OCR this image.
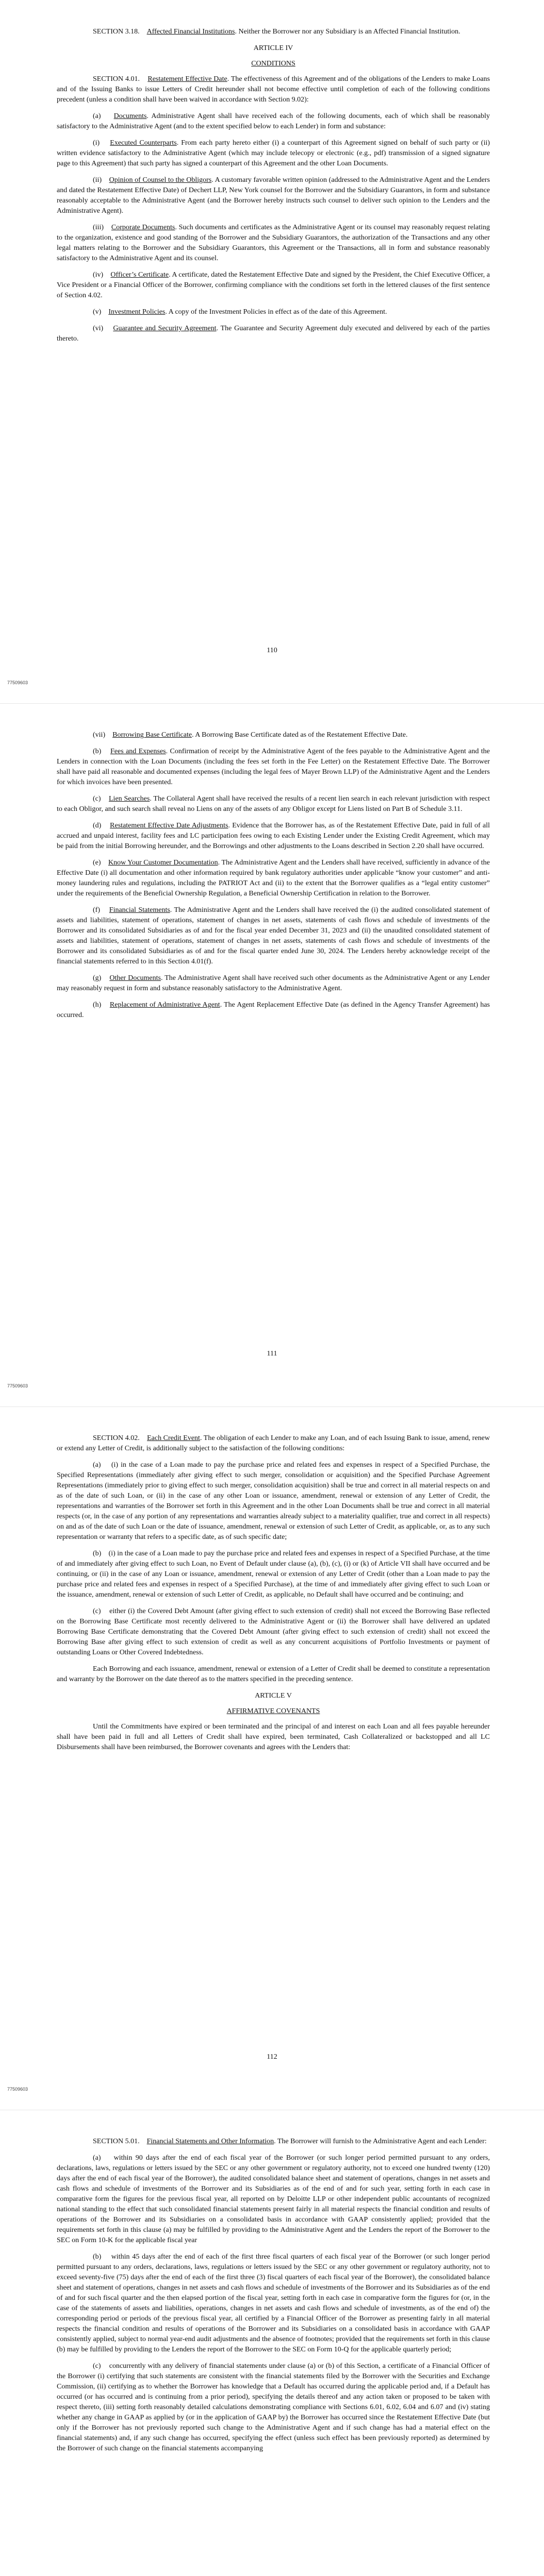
SECTION 3.18. Affected Financial Institutions. Neither the Borrower nor any Subsidiary is an Affected Financial Institution.

ARTICLE IV

CONDITIONS

SECTION 4.01. Restatement Effective Date. The effectiveness of this Agreement and of the obligations of the Lenders to make Loans and of the Issuing Banks to issue Letters of Credit hereunder shall not become effective until completion of each of the following conditions precedent (unless a condition shall have been waived in accordance with Section 9.02):

(a) Documents. Administrative Agent shall have received each of the following documents, each of which shall be reasonably satisfactory to the Administrative Agent (and to the extent specified below to each Lender) in form and substance:

(i) Executed Counterparts. From each party hereto either (i) a counterpart of this Agreement signed on behalf of such party or (ii) written evidence satisfactory to the Administrative Agent (which may include telecopy or electronic (e.g., pdf) transmission of a signed signature page to this Agreement) that such party has signed a counterpart of this Agreement and the other Loan Documents.

(ii) Opinion of Counsel to the Obligors. A customary favorable written opinion (addressed to the Administrative Agent and the Lenders and dated the Restatement Effective Date) of Dechert LLP, New York counsel for the Borrower and the Subsidiary Guarantors, in form and substance reasonably acceptable to the Administrative Agent (and the Borrower hereby instructs such counsel to deliver such opinion to the Lenders and the Administrative Agent).

(iii) Corporate Documents. Such documents and certificates as the Administrative Agent or its counsel may reasonably request relating to the organization, existence and good standing of the Borrower and the Subsidiary Guarantors, the authorization of the Transactions and any other legal matters relating to the Borrower and the Subsidiary Guarantors, this Agreement or the Transactions, all in form and substance reasonably satisfactory to the Administrative Agent and its counsel.

(iv) Officer’s Certificate. A certificate, dated the Restatement Effective Date and signed by the President, the Chief Executive Officer, a Vice President or a Financial Officer of the Borrower, confirming compliance with the conditions set forth in the lettered clauses of the first sentence of Section 4.02.

(v) Investment Policies. A copy of the Investment Policies in effect as of the date of this Agreement.

(vi) Guarantee and Security Agreement. The Guarantee and Security Agreement duly executed and delivered by each of the parties thereto.

110
77509603

(vii) Borrowing Base Certificate. A Borrowing Base Certificate dated as of the Restatement Effective Date.

(b) Fees and Expenses. Confirmation of receipt by the Administrative Agent of the fees payable to the Administrative Agent and the Lenders in connection with the Loan Documents (including the fees set forth in the Fee Letter) on the Restatement Effective Date. The Borrower shall have paid all reasonable and documented expenses (including the legal fees of Mayer Brown LLP) of the Administrative Agent and the Lenders for which invoices have been presented.

(c) Lien Searches. The Collateral Agent shall have received the results of a recent lien search in each relevant jurisdiction with respect to each Obligor, and such search shall reveal no Liens on any of the assets of any Obligor except for Liens listed on Part B of Schedule 3.11.

(d) Restatement Effective Date Adjustments. Evidence that the Borrower has, as of the Restatement Effective Date, paid in full of all accrued and unpaid interest, facility fees and LC participation fees owing to each Existing Lender under the Existing Credit Agreement, which may be paid from the initial Borrowing hereunder, and the Borrowings and other adjustments to the Loans described in Section 2.20 shall have occurred.

(e) Know Your Customer Documentation. The Administrative Agent and the Lenders shall have received, sufficiently in advance of the Effective Date (i) all documentation and other information required by bank regulatory authorities under applicable “know your customer” and anti-money laundering rules and regulations, including the PATRIOT Act and (ii) to the extent that the Borrower qualifies as a “legal entity customer” under the requirements of the Beneficial Ownership Regulation, a Beneficial Ownership Certification in relation to the Borrower.

(f) Financial Statements. The Administrative Agent and the Lenders shall have received the (i) the audited consolidated statement of assets and liabilities, statement of operations, statement of changes in net assets, statements of cash flows and schedule of investments of the Borrower and its consolidated Subsidiaries as of and for the fiscal year ended December 31, 2023 and (ii) the unaudited consolidated statement of assets and liabilities, statement of operations, statement of changes in net assets, statements of cash flows and schedule of investments of the Borrower and its consolidated Subsidiaries as of and for the fiscal quarter ended June 30, 2024. The Lenders hereby acknowledge receipt of the financial statements referred to in this Section 4.01(f).

(g) Other Documents. The Administrative Agent shall have received such other documents as the Administrative Agent or any Lender may reasonably request in form and substance reasonably satisfactory to the Administrative Agent.

(h) Replacement of Administrative Agent. The Agent Replacement Effective Date (as defined in the Agency Transfer Agreement) has occurred.

111
77509603

SECTION 4.02. Each Credit Event. The obligation of each Lender to make any Loan, and of each Issuing Bank to issue, amend, renew or extend any Letter of Credit, is additionally subject to the satisfaction of the following conditions:

(a) (i) in the case of a Loan made to pay the purchase price and related fees and expenses in respect of a Specified Purchase, the Specified Representations (immediately after giving effect to such merger, consolidation or acquisition) and the Specified Purchase Agreement Representations (immediately prior to giving effect to such merger, consolidation acquisition) shall be true and correct in all material respects on and as of the date of such Loan, or (ii) in the case of any other Loan or issuance, amendment, renewal or extension of any Letter of Credit, the representations and warranties of the Borrower set forth in this Agreement and in the other Loan Documents shall be true and correct in all material respects (or, in the case of any portion of any representations and warranties already subject to a materiality qualifier, true and correct in all respects) on and as of the date of such Loan or the date of issuance, amendment, renewal or extension of such Letter of Credit, as applicable, or, as to any such representation or warranty that refers to a specific date, as of such specific date;

(b) (i) in the case of a Loan made to pay the purchase price and related fees and expenses in respect of a Specified Purchase, at the time of and immediately after giving effect to such Loan, no Event of Default under clause (a), (b), (c), (i) or (k) of Article VII shall have occurred and be continuing, or (ii) in the case of any Loan or issuance, amendment, renewal or extension of any Letter of Credit (other than a Loan made to pay the purchase price and related fees and expenses in respect of a Specified Purchase), at the time of and immediately after giving effect to such Loan or the issuance, amendment, renewal or extension of such Letter of Credit, as applicable, no Default shall have occurred and be continuing; and

(c) either (i) the Covered Debt Amount (after giving effect to such extension of credit) shall not exceed the Borrowing Base reflected on the Borrowing Base Certificate most recently delivered to the Administrative Agent or (ii) the Borrower shall have delivered an updated Borrowing Base Certificate demonstrating that the Covered Debt Amount (after giving effect to such extension of credit) shall not exceed the Borrowing Base after giving effect to such extension of credit as well as any concurrent acquisitions of Portfolio Investments or payment of outstanding Loans or Other Covered Indebtedness.

Each Borrowing and each issuance, amendment, renewal or extension of a Letter of Credit shall be deemed to constitute a representation and warranty by the Borrower on the date thereof as to the matters specified in the preceding sentence.

ARTICLE V

AFFIRMATIVE COVENANTS

Until the Commitments have expired or been terminated and the principal of and interest on each Loan and all fees payable hereunder shall have been paid in full and all Letters of Credit shall have expired, been terminated, Cash Collateralized or backstopped and all LC Disbursements shall have been reimbursed, the Borrower covenants and agrees with the Lenders that:

112
77509603

SECTION 5.01. Financial Statements and Other Information. The Borrower will furnish to the Administrative Agent and each Lender:

(a) within 90 days after the end of each fiscal year of the Borrower (or such longer period permitted pursuant to any orders, declarations, laws, regulations or letters issued by the SEC or any other government or regulatory authority, not to exceed one hundred twenty (120) days after the end of each fiscal year of the Borrower), the audited consolidated balance sheet and statement of operations, changes in net assets and cash flows and schedule of investments of the Borrower and its Subsidiaries as of the end of and for such year, setting forth in each case in comparative form the figures for the previous fiscal year, all reported on by Deloitte LLP or other independent public accountants of recognized national standing to the effect that such consolidated financial statements present fairly in all material respects the financial condition and results of operations of the Borrower and its Subsidiaries on a consolidated basis in accordance with GAAP consistently applied; provided that the requirements set forth in this clause (a) may be fulfilled by providing to the Administrative Agent and the Lenders the report of the Borrower to the SEC on Form 10-K for the applicable fiscal year

(b) within 45 days after the end of each of the first three fiscal quarters of each fiscal year of the Borrower (or such longer period permitted pursuant to any orders, declarations, laws, regulations or letters issued by the SEC or any other government or regulatory authority, not to exceed seventy-five (75) days after the end of each of the first three (3) fiscal quarters of each fiscal year of the Borrower), the consolidated balance sheet and statement of operations, changes in net assets and cash flows and schedule of investments of the Borrower and its Subsidiaries as of the end of and for such fiscal quarter and the then elapsed portion of the fiscal year, setting forth in each case in comparative form the figures for (or, in the case of the statements of assets and liabilities, operations, changes in net assets and cash flows and schedule of investments, as of the end of) the corresponding period or periods of the previous fiscal year, all certified by a Financial Officer of the Borrower as presenting fairly in all material respects the financial condition and results of operations of the Borrower and its Subsidiaries on a consolidated basis in accordance with GAAP consistently applied, subject to normal year-end audit adjustments and the absence of footnotes; provided that the requirements set forth in this clause (b) may be fulfilled by providing to the Lenders the report of the Borrower to the SEC on Form 10-Q for the applicable quarterly period;

(c) concurrently with any delivery of financial statements under clause (a) or (b) of this Section, a certificate of a Financial Officer of the Borrower (i) certifying that such statements are consistent with the financial statements filed by the Borrower with the Securities and Exchange Commission, (ii) certifying as to whether the Borrower has knowledge that a Default has occurred during the applicable period and, if a Default has occurred (or has occurred and is continuing from a prior period), specifying the details thereof and any action taken or proposed to be taken with respect thereto, (iii) setting forth reasonably detailed calculations demonstrating compliance with Sections 6.01, 6.02, 6.04 and 6.07 and (iv) stating whether any change in GAAP as applied by (or in the application of GAAP by) the Borrower has occurred since the Restatement Effective Date (but only if the Borrower has not previously reported such change to the Administrative Agent and if such change has had a material effect on the financial statements) and, if any such change has occurred, specifying the effect (unless such effect has been previously reported) as determined by the Borrower of such change on the financial statements accompanying
